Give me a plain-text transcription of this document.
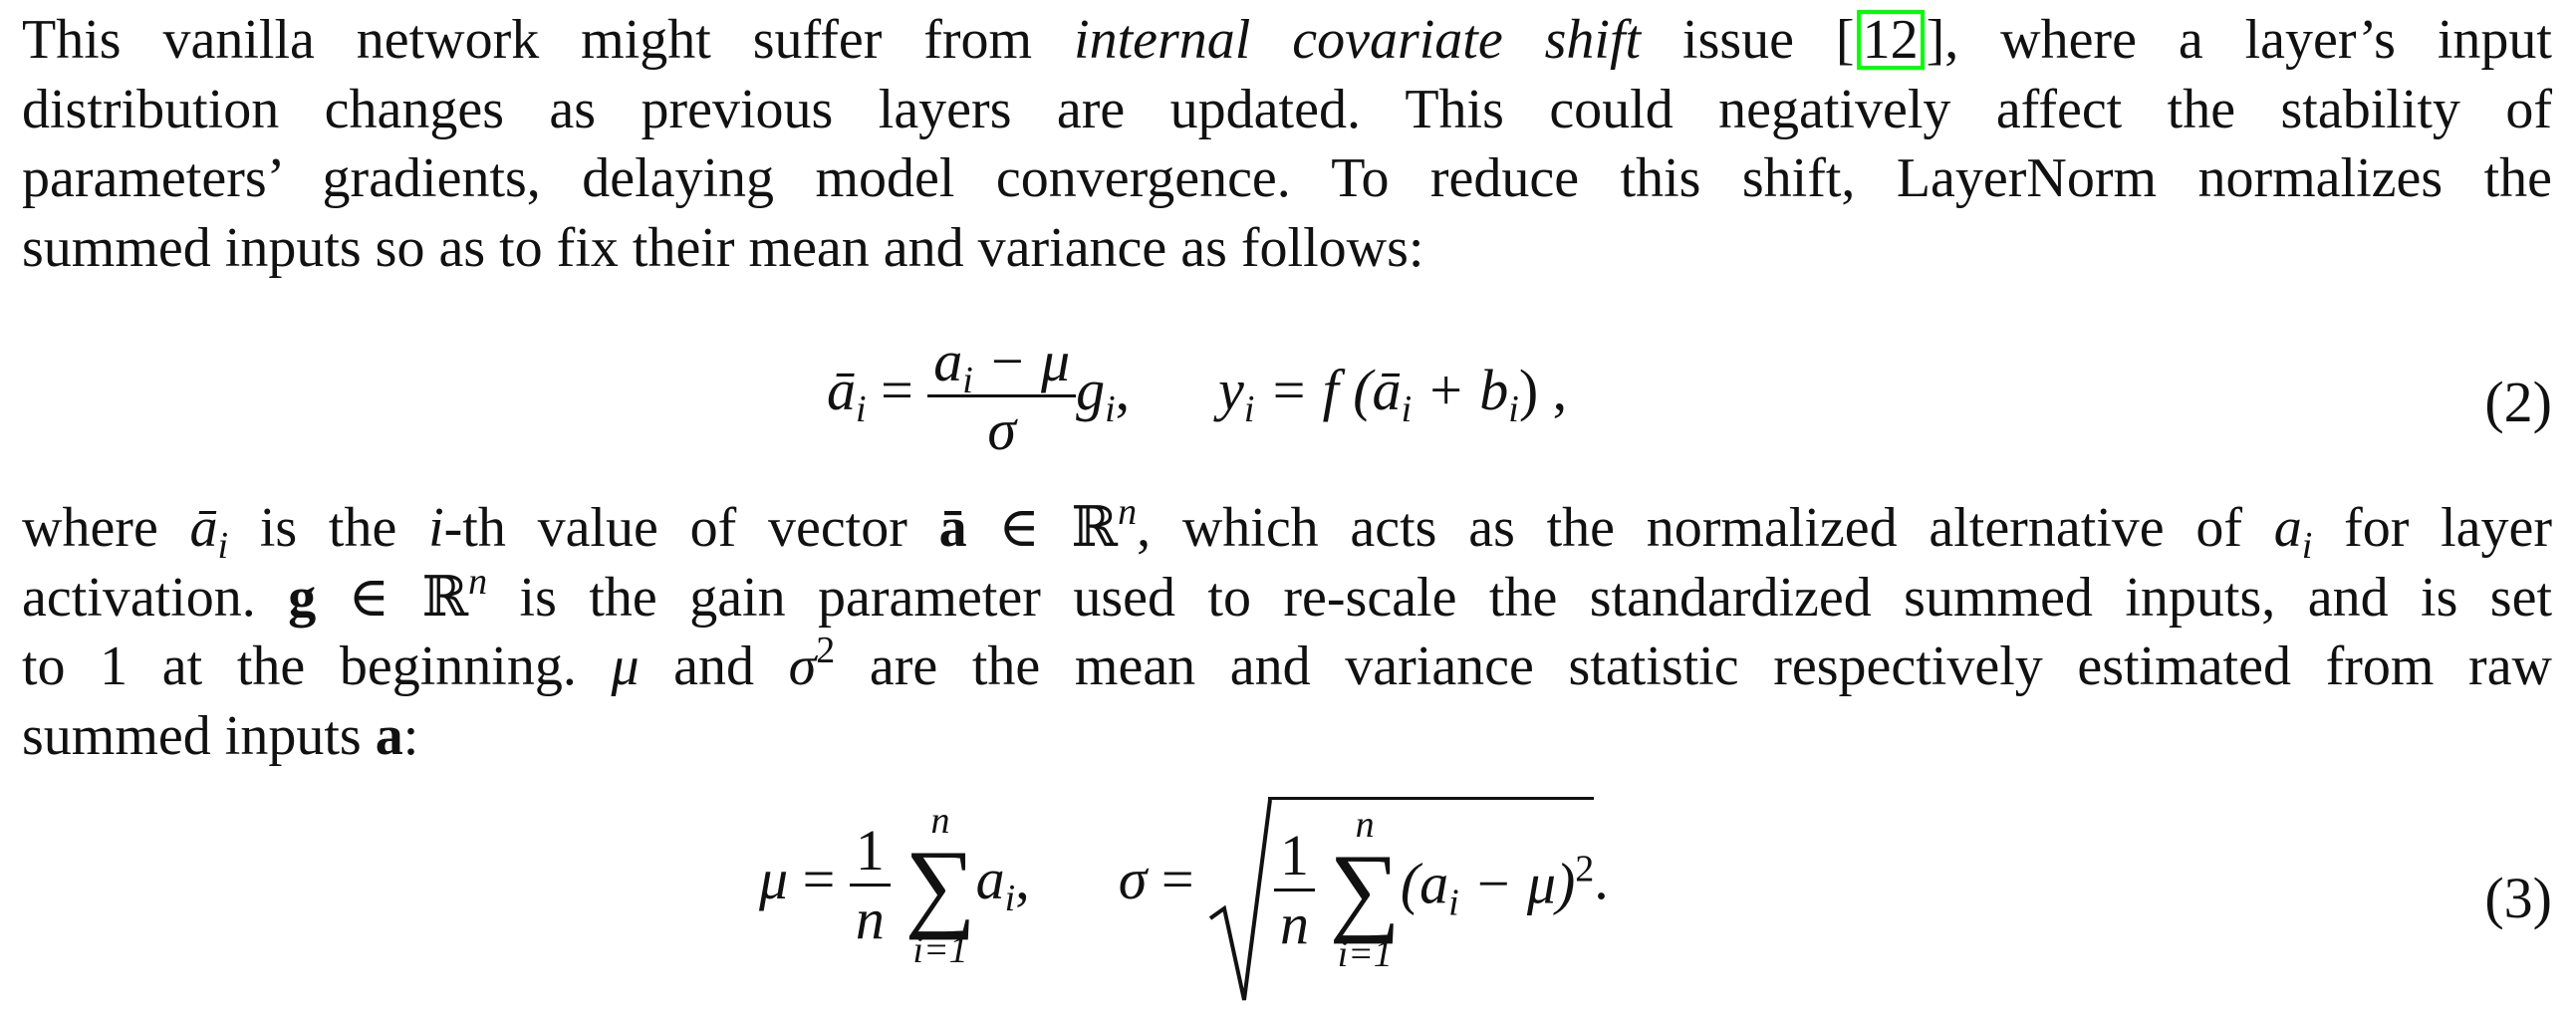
This vanilla network might suffer from internal covariate shift issue [ 12 ], where a layer’s input
distribution changes as previous layers are updated. This could negatively affect the stability of
parameters’ gradients, delaying model convergence. To reduce this shift, LayerNorm normalizes the
summed inputs so as to fix their mean and variance as follows:

$ā_i = \frac{a_i - \mu}{\sigma} g_i$, $y_i = f$ $(ā_i + b_i)$ ,	(2)

where $ā_i$ is the i-th value of vector ā ∈ ℝ$^n$, which acts as the normalized alternative of $a_i$ for layer
activation. g ∈ ℝ$^n$ is the gain parameter used to re-scale the standardized summed inputs, and is set
to 1 at the beginning. μ and $\sigma^2$ are the mean and variance statistic respectively estimated from raw
summed inputs a:

$\mu = \frac{1}{n}$
	n
∑
i=1
$a_i$, $\sigma = \frac{1}{n}$
	n
∑
i=1
$(a_i - \mu)^2$.	(3)
